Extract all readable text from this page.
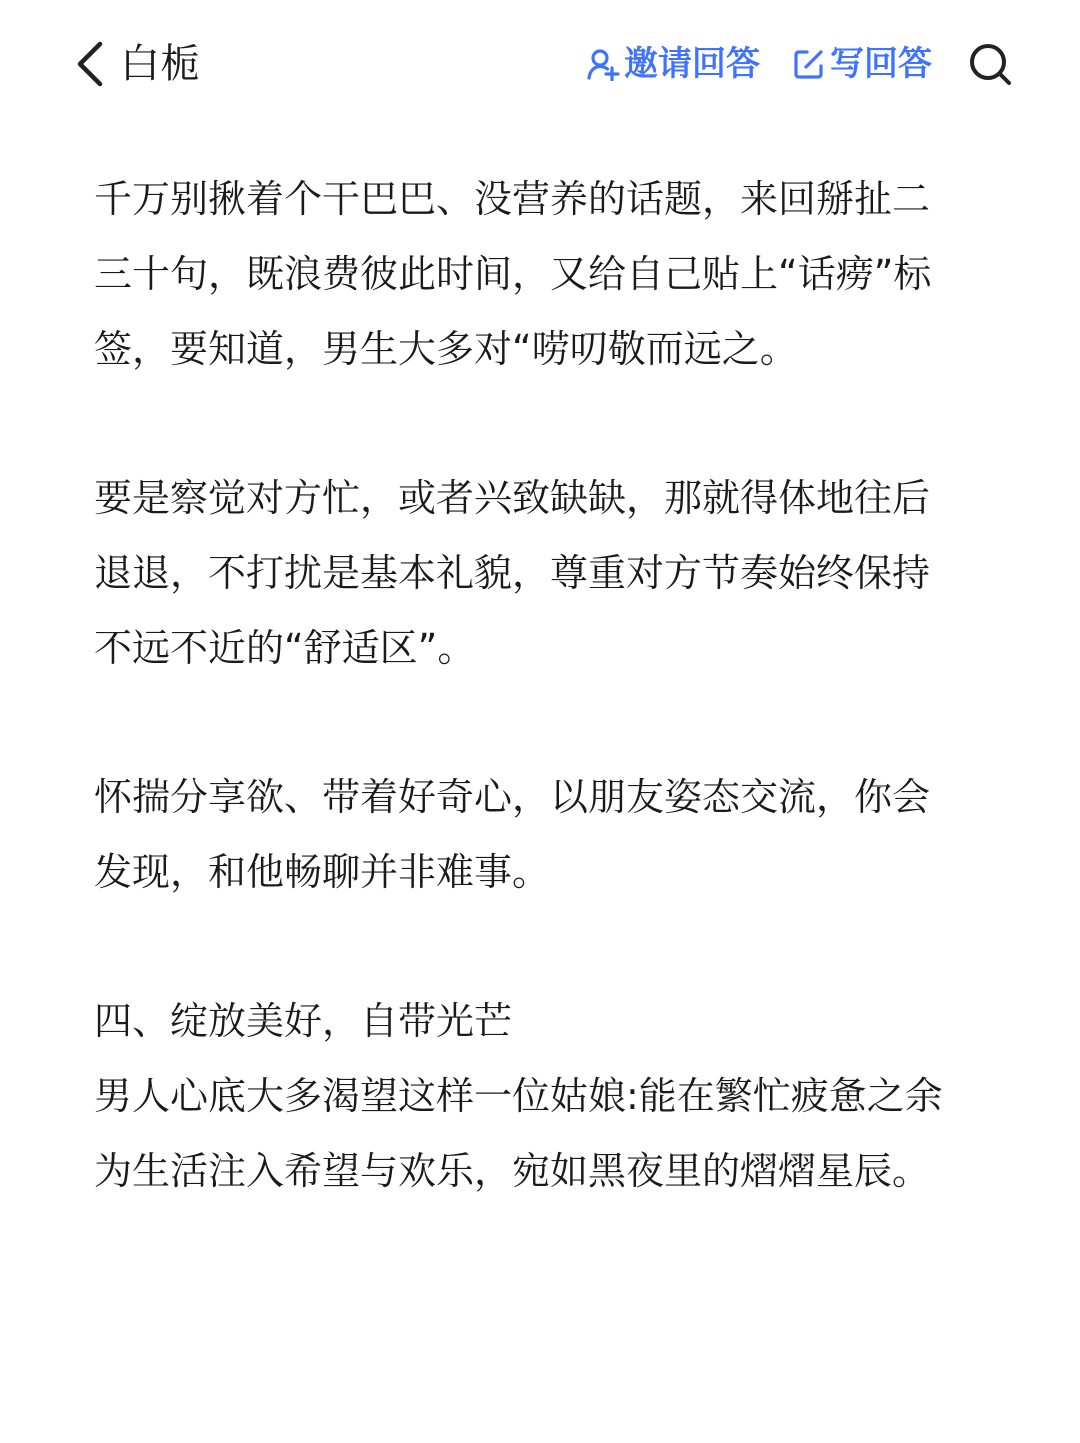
白栀	邀请回答 写回答

千万别揪着个干巴巴、没营养的话题，来回掰扯二
三十句，既浪费彼此时间，又给自己贴上“话痨”标
签，要知道，男生大多对“唠叨敬而远之。

要是察觉对方忙，或者兴致缺缺，那就得体地往后
退退，不打扰是基本礼貌，尊重对方节奏始终保持
不远不近的“舒适区”。

怀揣分享欲、带着好奇心，以朋友姿态交流，你会
发现，和他畅聊并非难事。

四、绽放美好，自带光芒
男人心底大多渴望这样一位姑娘:能在繁忙疲惫之余
为生活注入希望与欢乐，宛如黑夜里的熠熠星辰。
